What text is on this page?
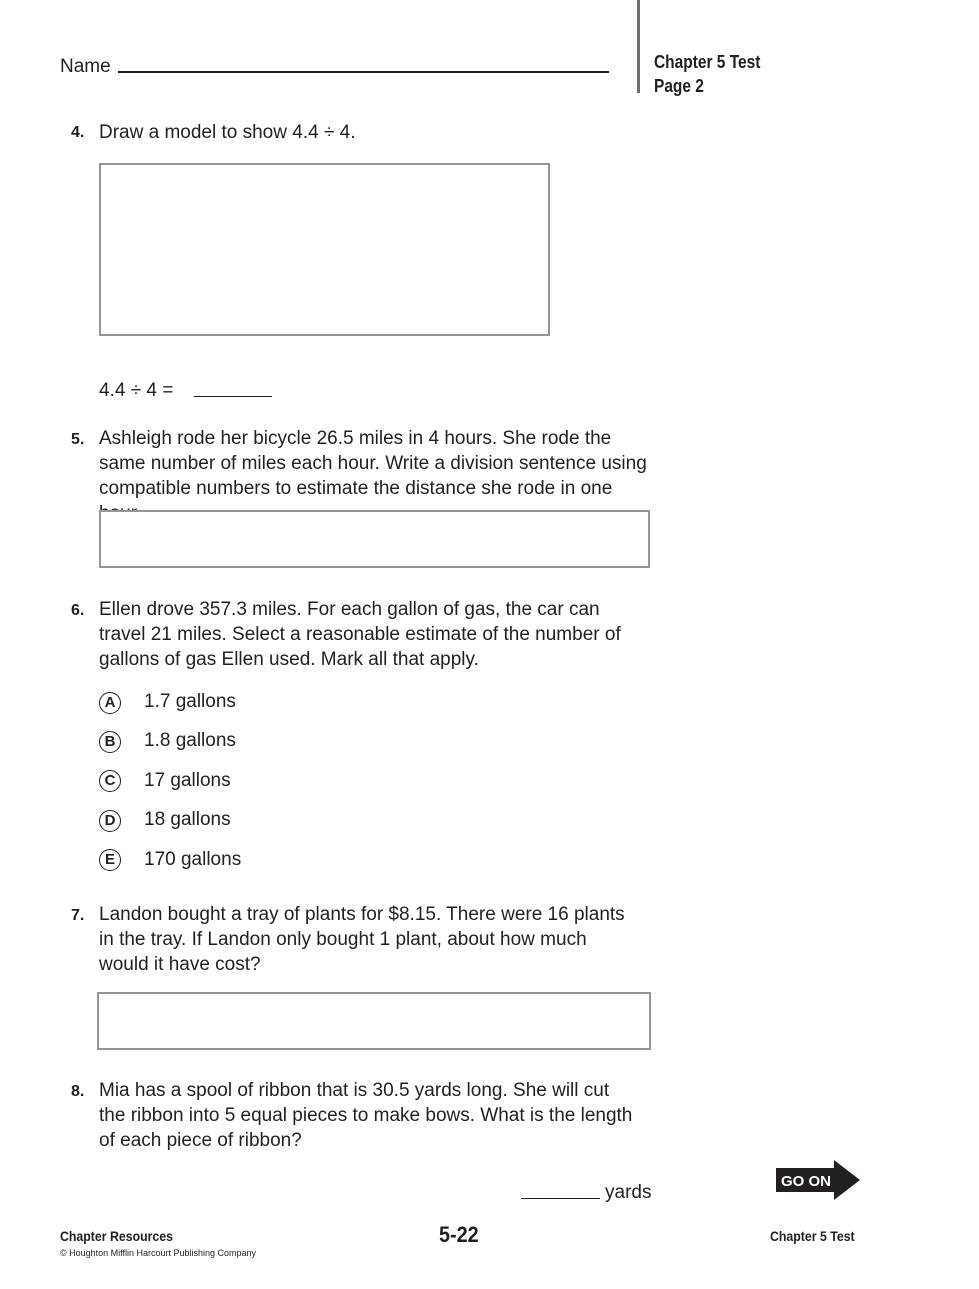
Name	Chapter 5 Test
Page 2
4. Draw a model to show 4.4 ÷ 4.
4.4 ÷ 4 =
5. Ashleigh rode her bicycle 26.5 miles in 4 hours. She rode the
same number of miles each hour. Write a division sentence using
compatible numbers to estimate the distance she rode in one
6. Ellen drove 357.3 miles. For each gallon of gas, the car can
travel 21 miles. Select a reasonable estimate of the number of
gallons of gas Ellen used. Mark all that apply.
A 1.7 gallons
B 1.8 gallons
C 17 gallons
D 18 gallons
E	170 gallons
7. Landon bought a tray of plants for $8.15. There were 16 plants
in the tray. If Landon only bought 1 plant, about how much
would it have cost?
8. Mia has a spool of ribbon that is 30.5 yards long. She will cut
the ribbon into 5 equal pieces to make bows. What is the length
of each piece of ribbon?
yards
GO ON
Chapter Resources
© Houghton Mifflin Harcourt Publishing Company
5-22	Chapter 5 Test
